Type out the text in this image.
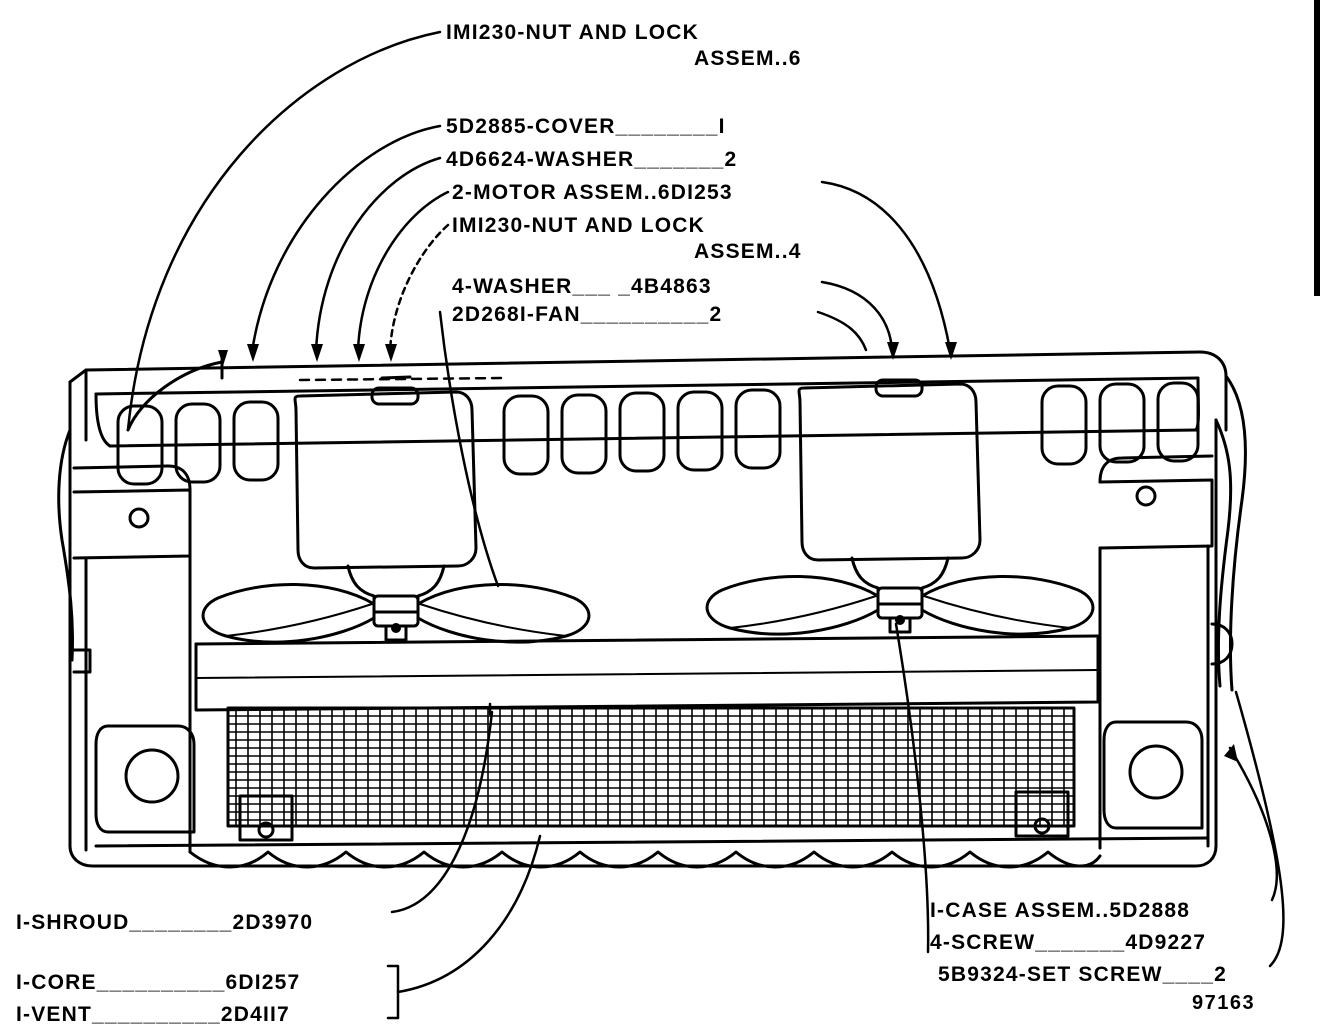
IMI230-NUT AND LOCK
ASSEM..6
5D2885-COVER________I
4D6624-WASHER_______2
2-MOTOR ASSEM..6DI253
IMI230-NUT AND LOCK
ASSEM..4
4-WASHER___ _4B4863
2D268I-FAN__________2
I-SHROUD________2D3970
I-CORE__________6DI257
I-VENT__________2D4II7
I-CASE ASSEM..5D2888
4-SCREW_______4D9227
5B9324-SET SCREW____2
97163
